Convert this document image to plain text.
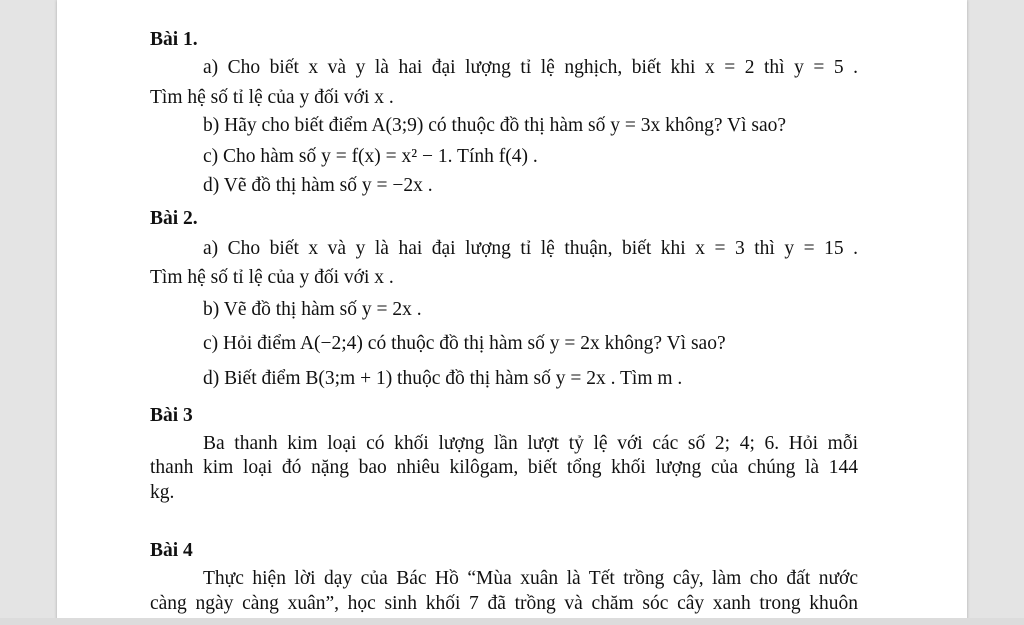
Bài 1.
a) Cho biết x và y là hai đại lượng tỉ lệ nghịch, biết khi x = 2 thì y = 5 .
Tìm hệ số tỉ lệ của y đối với x .
b) Hãy cho biết điểm A(3;9) có thuộc đồ thị hàm số y = 3x không? Vì sao?
c) Cho hàm số y = f(x) = x² − 1. Tính f(4) .
d) Vẽ đồ thị hàm số y = −2x .
Bài 2.
a) Cho biết x và y là hai đại lượng tỉ lệ thuận, biết khi x = 3 thì y = 15 .
Tìm hệ số tỉ lệ của y đối với x .
b) Vẽ đồ thị hàm số y = 2x .
c) Hỏi điểm A(−2;4) có thuộc đồ thị hàm số y = 2x không? Vì sao?
d) Biết điểm B(3;m + 1) thuộc đồ thị hàm số y = 2x . Tìm m .
Bài 3
Ba thanh kim loại có khối lượng lần lượt tỷ lệ với các số 2; 4; 6. Hỏi mỗi
thanh kim loại đó nặng bao nhiêu kilôgam, biết tổng khối lượng của chúng là 144
kg.
Bài 4
Thực hiện lời dạy của Bác Hồ “Mùa xuân là Tết trồng cây, làm cho đất nước
càng ngày càng xuân”, học sinh khối 7 đã trồng và chăm sóc cây xanh trong khuôn
